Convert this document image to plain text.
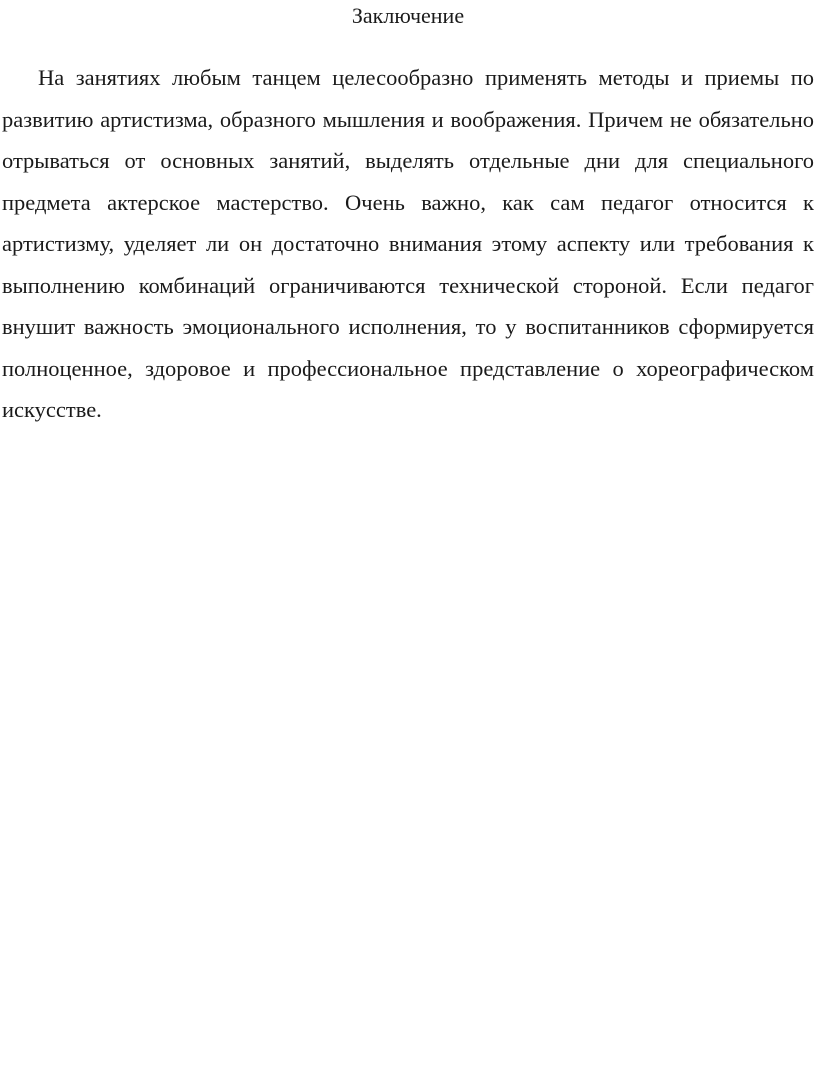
Заключение

На занятиях любым танцем целесообразно применять методы и приемы по развитию артистизма, образного мышления и воображения. Причем не обязательно отрываться от основных занятий, выделять отдельные дни для специального предмета актерское мастерство. Очень важно, как сам педагог относится к артистизму, уделяет ли он достаточно внимания этому аспекту или требования к выполнению комбинаций ограничиваются технической стороной. Если педагог внушит важность эмоционального исполнения, то у воспитанников сформируется полноценное, здоровое и профессиональное представление о хореографическом искусстве.
